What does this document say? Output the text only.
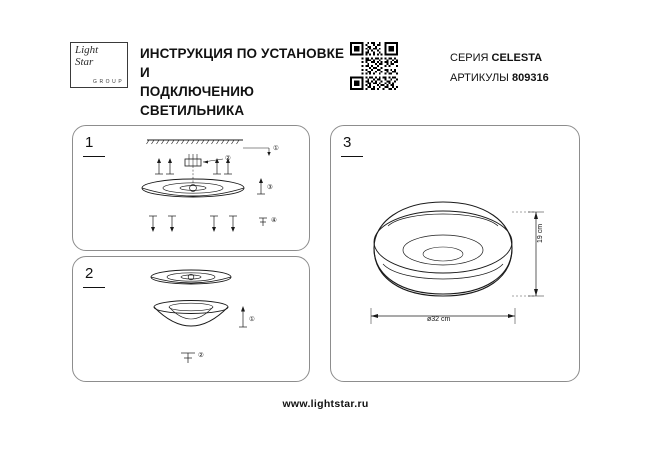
Light
Star
G R O U P
ИНСТРУКЦИЯ ПО УСТАНОВКЕ И
ПОДКЛЮЧЕНИЮ СВЕТИЛЬНИКА
СЕРИЯ CELESTA
АРТИКУЛЫ 809316
1	①
②
③
④
2
①
②
3
ø32 cm
19 cm
www.lightstar.ru
